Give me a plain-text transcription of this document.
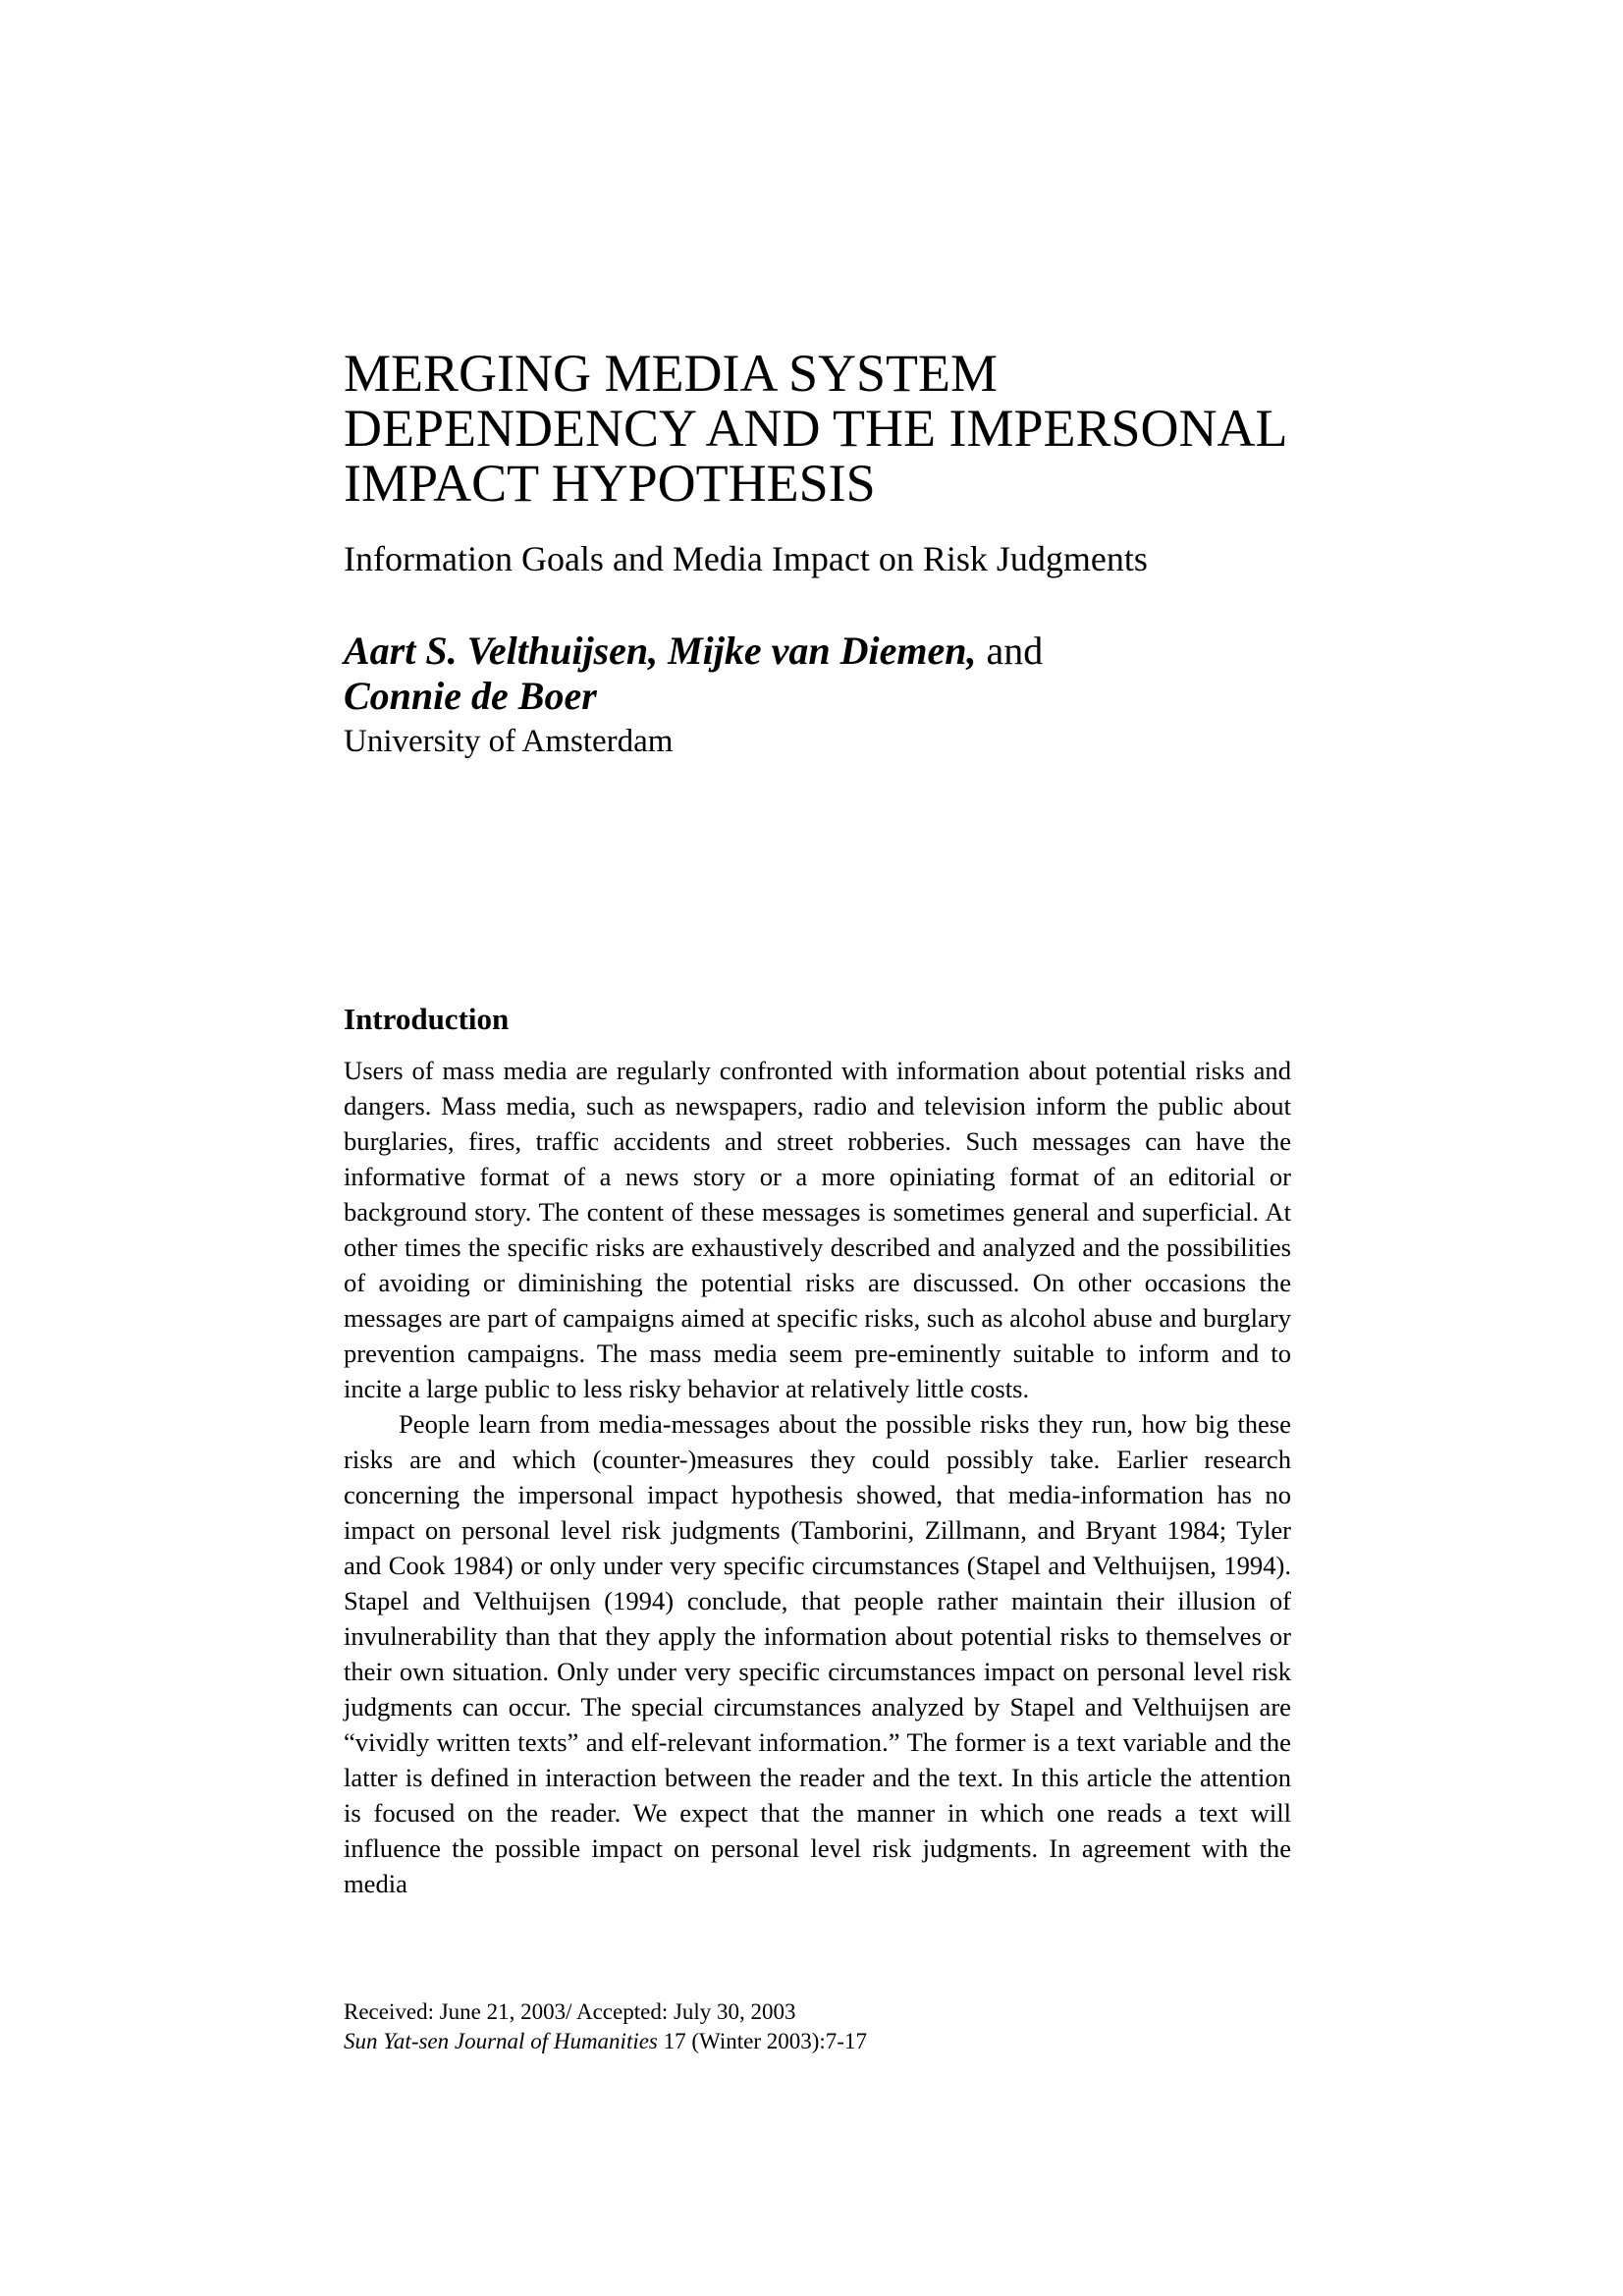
MERGING MEDIA SYSTEM
DEPENDENCY AND THE IMPERSONAL
IMPACT HYPOTHESIS
Information Goals and Media Impact on Risk Judgments
Aart S. Velthuijsen, Mijke van Diemen, and
Connie de Boer
University of Amsterdam
Introduction

Users of mass media are regularly confronted with information about potential risks and dangers. Mass media, such as newspapers, radio and television inform the public about burglaries, fires, traffic accidents and street robberies. Such messages can have the informative format of a news story or a more opiniating format of an editorial or background story. The content of these messages is sometimes general and superficial. At other times the specific risks are exhaustively described and analyzed and the possibilities of avoiding or diminishing the potential risks are discussed. On other occasions the messages are part of campaigns aimed at specific risks, such as alcohol abuse and burglary prevention campaigns. The mass media seem pre-eminently suitable to inform and to incite a large public to less risky behavior at relatively little costs.

People learn from media-messages about the possible risks they run, how big these risks are and which (counter-)measures they could possibly take. Earlier research concerning the impersonal impact hypothesis showed, that media-information has no impact on personal level risk judgments (Tamborini, Zillmann, and Bryant 1984; Tyler and Cook 1984) or only under very specific circumstances (Stapel and Velthuijsen, 1994). Stapel and Velthuijsen (1994) conclude, that people rather maintain their illusion of invulnerability than that they apply the information about potential risks to themselves or their own situation. Only under very specific circumstances impact on personal level risk judgments can occur. The special circumstances analyzed by Stapel and Velthuijsen are “vividly written texts” and elf-relevant information.” The former is a text variable and the latter is defined in interaction between the reader and the text. In this article the attention is focused on the reader. We expect that the manner in which one reads a text will influence the possible impact on personal level risk judgments. In agreement with the media

Received: June 21, 2003/ Accepted: July 30, 2003
Sun Yat-sen Journal of Humanities 17 (Winter 2003):7-17
